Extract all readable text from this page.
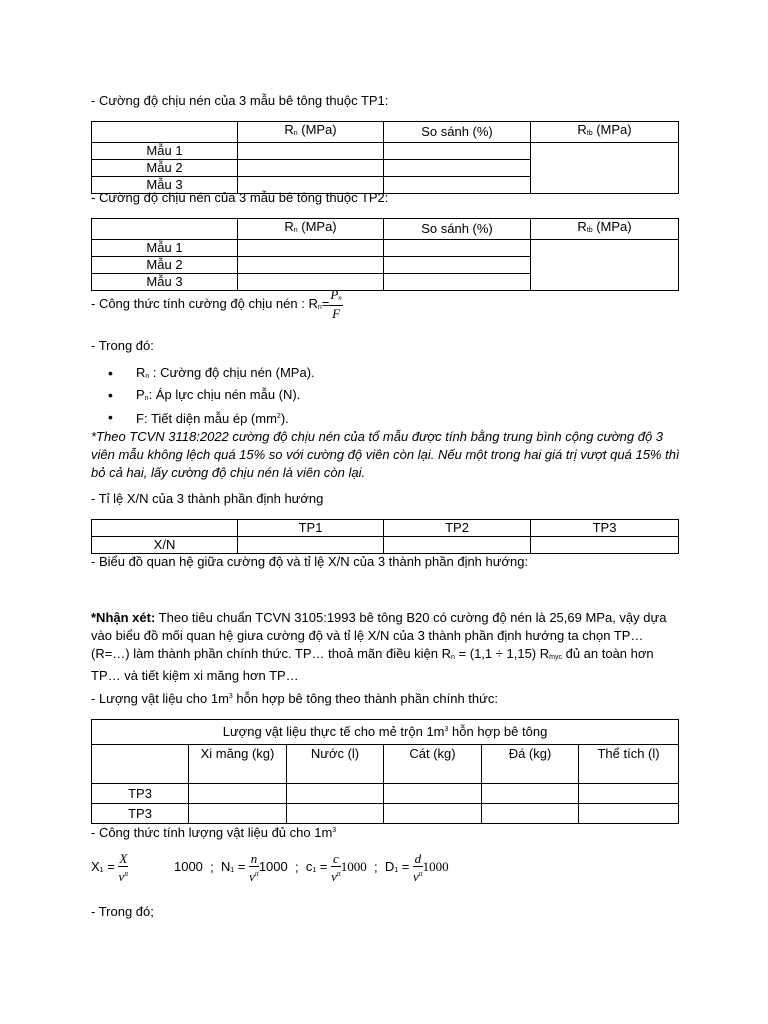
- Cường độ chịu nén của 3 mẫu bê tông thuộc TP1:
	$R_n$ (MPa)	So sánh (%)	$R_{tb}$ (MPa)
Mẫu 1			
Mẫu 2			
Mẫu 3			
- Cường độ chịu nén của 3 mẫu bê tông thuộc TP2:
	$R_n$ (MPa)	So sánh (%)	$R_{tb}$ (MPa)
Mẫu 1			
Mẫu 2			
Mẫu 3			
- Công thức tính cường độ chịu nén : $R_n= \frac{P_n}{F}$
- Trong đó:
• $R_n$ : Cường độ chịu nén (MPa).
• $P_n$: Áp lực chịu nén mẫu (N).
• F: Tiết diện mẫu ép $(mm^2)$.
*Theo TCVN 3118:2022 cường độ chịu nén của tổ mẫu được tính bằng trung bình cộng cường độ 3 viên mẫu không lệch quá 15% so với cường độ viên còn lại. Nếu một trong hai giá trị vượt quá 15% thì bỏ cả hai, lấy cường độ chịu nén là viên còn lại.
- Tỉ lệ X/N của 3 thành phần định hướng
	TP1	TP2	TP3
X/N			
- Biểu đồ quan hệ giữa cường độ và tỉ lệ X/N của 3 thành phần định hướng:
*Nhận xét: Theo tiêu chuẩn TCVN 3105:1993 bê tông B20 có cường độ nén là 25,69 MPa, vậy dựa vào biểu đồ mối quan hệ giưa cường độ và tỉ lệ X/N của 3 thành phần định hướng ta chọn TP…(R=…) làm thành phần chính thức. TP… thoả mãn điều kiện $R_n = (1,1 \div 1,15)$ $R_{myc}$ đủ an toàn hơn TP… và tiết kiệm xi măng hơn TP…
- Lượng vật liệu cho $1m^3$ hỗn hợp bê tông theo thành phần chính thức:
Lượng vật liệu thực tế cho mẻ trộn $1m^3$ hỗn hợp bê tông					
	Xi măng (kg)	Nước (l)	Cát (kg)	Đá (kg)	Thể tích (l)
TP3					
TP3					
- Công thức tính lượng vật liệu đủ cho $1m^3$
$X_1 = \frac{X}{v^{tt}}$	1000 ; $N_1 = \frac{n}{v^{tt}} 1000$ ; $c_1 = \frac{c}{v^{tt}} 1000$ ; $D_1 = \frac{d}{v^{tt}} 1000$
- Trong đó;
